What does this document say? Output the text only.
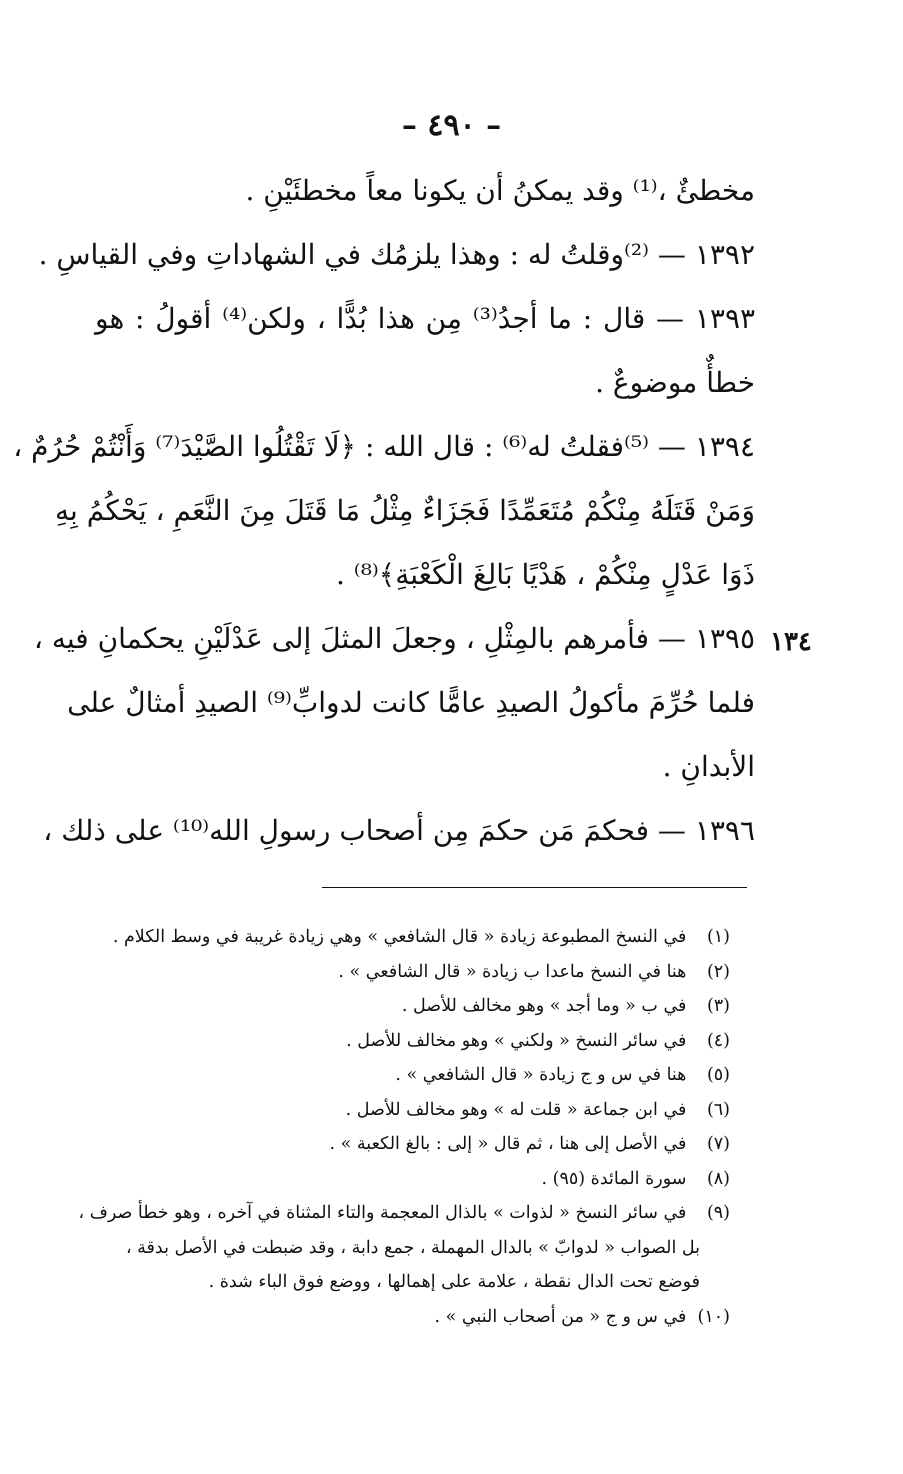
– ٤٩٠ –
١٣٤
مخطئٌ ،⁽¹⁾ وقد يمكنُ أن يكونا معاً مخطئَيْنِ .
١٣٩٢ — ⁽²⁾وقلتُ له : وهذا يلزمُك في الشهاداتِ وفي القياسِ .
١٣٩٣ — قال : ما أجدُ⁽³⁾ مِن هذا بُدًّا ، ولكن⁽⁴⁾ أقولُ : هو
خطأٌ موضوعٌ .
١٣٩٤ — ⁽⁵⁾فقلتُ له⁽⁶⁾ : قال الله : ﴿لَا تَقْتُلُوا الصَّيْدَ⁽⁷⁾ وَأَنْتُمْ حُرُمٌ ،
وَمَنْ قَتَلَهُ مِنْكُمْ مُتَعَمِّدًا فَجَزَاءٌ مِثْلُ مَا قَتَلَ مِنَ النَّعَمِ ، يَحْكُمُ بِهِ
ذَوَا عَدْلٍ مِنْكُمْ ، هَدْيًا بَالِغَ الْكَعْبَةِ﴾⁽⁸⁾ .
١٣٩٥ — فأمرهم بالمِثْلِ ، وجعلَ المثلَ إلى عَدْلَيْنِ يحكمانِ فيه ،
فلما حُرِّمَ مأكولُ الصيدِ عامًّا كانت لدوابِّ⁽⁹⁾ الصيدِ أمثالٌ على
الأبدانِ .
١٣٩٦ — فحكمَ مَن حكمَ مِن أصحاب رسولِ الله⁽¹⁰⁾ على ذلك ،
(١) في النسخ المطبوعة زيادة « قال الشافعي » وهي زيادة غريبة في وسط الكلام .
(٢) هنا في النسخ ماعدا ب زيادة « قال الشافعي » .
(٣) في ب « وما أجد » وهو مخالف للأصل .
(٤) في سائر النسخ « ولكني » وهو مخالف للأصل .
(٥) هنا في س و ج زيادة « قال الشافعي » .
(٦) في ابن جماعة « قلت له » وهو مخالف للأصل .
(٧) في الأصل إلى هنا ، ثم قال « إلى : بالغ الكعبة » .
(٨) سورة المائدة (٩٥) .
(٩) في سائر النسخ « لذوات » بالذال المعجمة والتاء المثناة في آخره ، وهو خطأ صرف ،
بل الصواب « لدوابّ » بالدال المهملة ، جمع دابة ، وقد ضبطت في الأصل بدقة ،
فوضع تحت الدال نقطة ، علامة على إهمالها ، ووضع فوق الباء شدة .
(١٠) في س و ج « من أصحاب النبي » .
